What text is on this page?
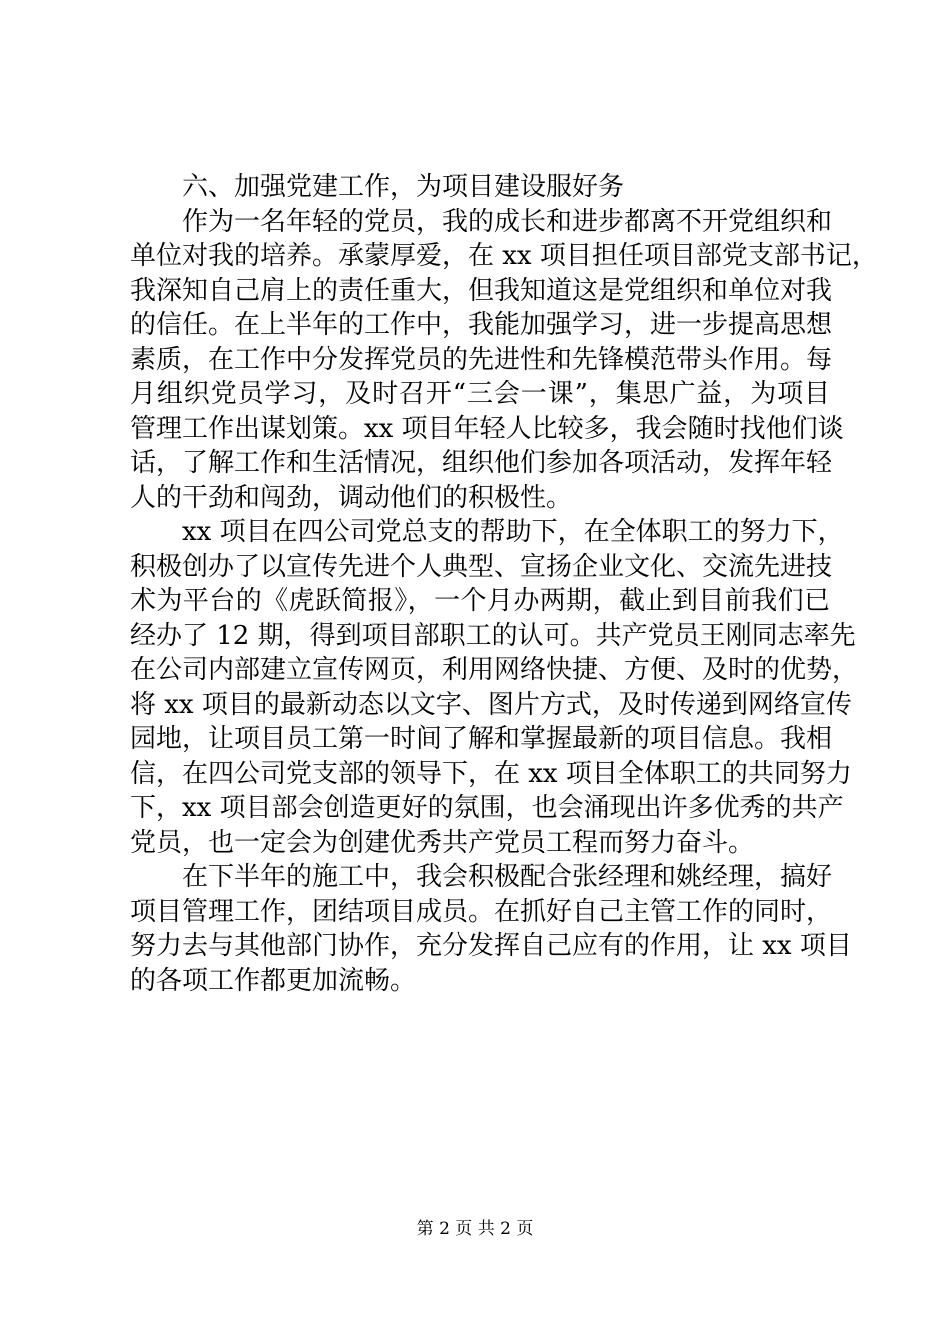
六、加强党建工作，为项目建设服好务
作为一名年轻的党员，我的成长和进步都离不开党组织和
单位对我的培养。承蒙厚爱，在 xx 项目担任项目部党支部书记，
我深知自己肩上的责任重大，但我知道这是党组织和单位对我
的信任。在上半年的工作中，我能加强学习，进一步提高思想
素质，在工作中分发挥党员的先进性和先锋模范带头作用。每
月组织党员学习，及时召开“三会一课”，集思广益，为项目
管理工作出谋划策。xx 项目年轻人比较多，我会随时找他们谈
话，了解工作和生活情况，组织他们参加各项活动，发挥年轻
人的干劲和闯劲，调动他们的积极性。
xx 项目在四公司党总支的帮助下，在全体职工的努力下，
积极创办了以宣传先进个人典型、宣扬企业文化、交流先进技
术为平台的《虎跃简报》，一个月办两期，截止到目前我们已
经办了 12 期，得到项目部职工的认可。共产党员王刚同志率先
在公司内部建立宣传网页，利用网络快捷、方便、及时的优势，
将 xx 项目的最新动态以文字、图片方式，及时传递到网络宣传
园地，让项目员工第一时间了解和掌握最新的项目信息。我相
信，在四公司党支部的领导下，在 xx 项目全体职工的共同努力
下，xx 项目部会创造更好的氛围，也会涌现出许多优秀的共产
党员，也一定会为创建优秀共产党员工程而努力奋斗。
在下半年的施工中，我会积极配合张经理和姚经理，搞好
项目管理工作，团结项目成员。在抓好自己主管工作的同时，
努力去与其他部门协作，充分发挥自己应有的作用，让 xx 项目
的各项工作都更加流畅。
第 2 页 共 2 页
